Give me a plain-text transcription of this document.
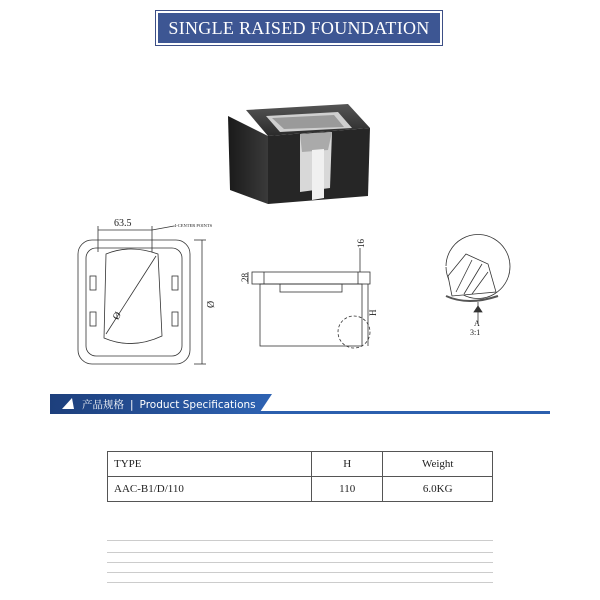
SINGLE RAISED FOUNDATION
63.5	4-CENTER POINTS
Ø
Ø
28
16
H
A
3:1
产品规格 | Product Specifications
TYPE	H	Weight
AAC-B1/D/110	110	6.0KG
